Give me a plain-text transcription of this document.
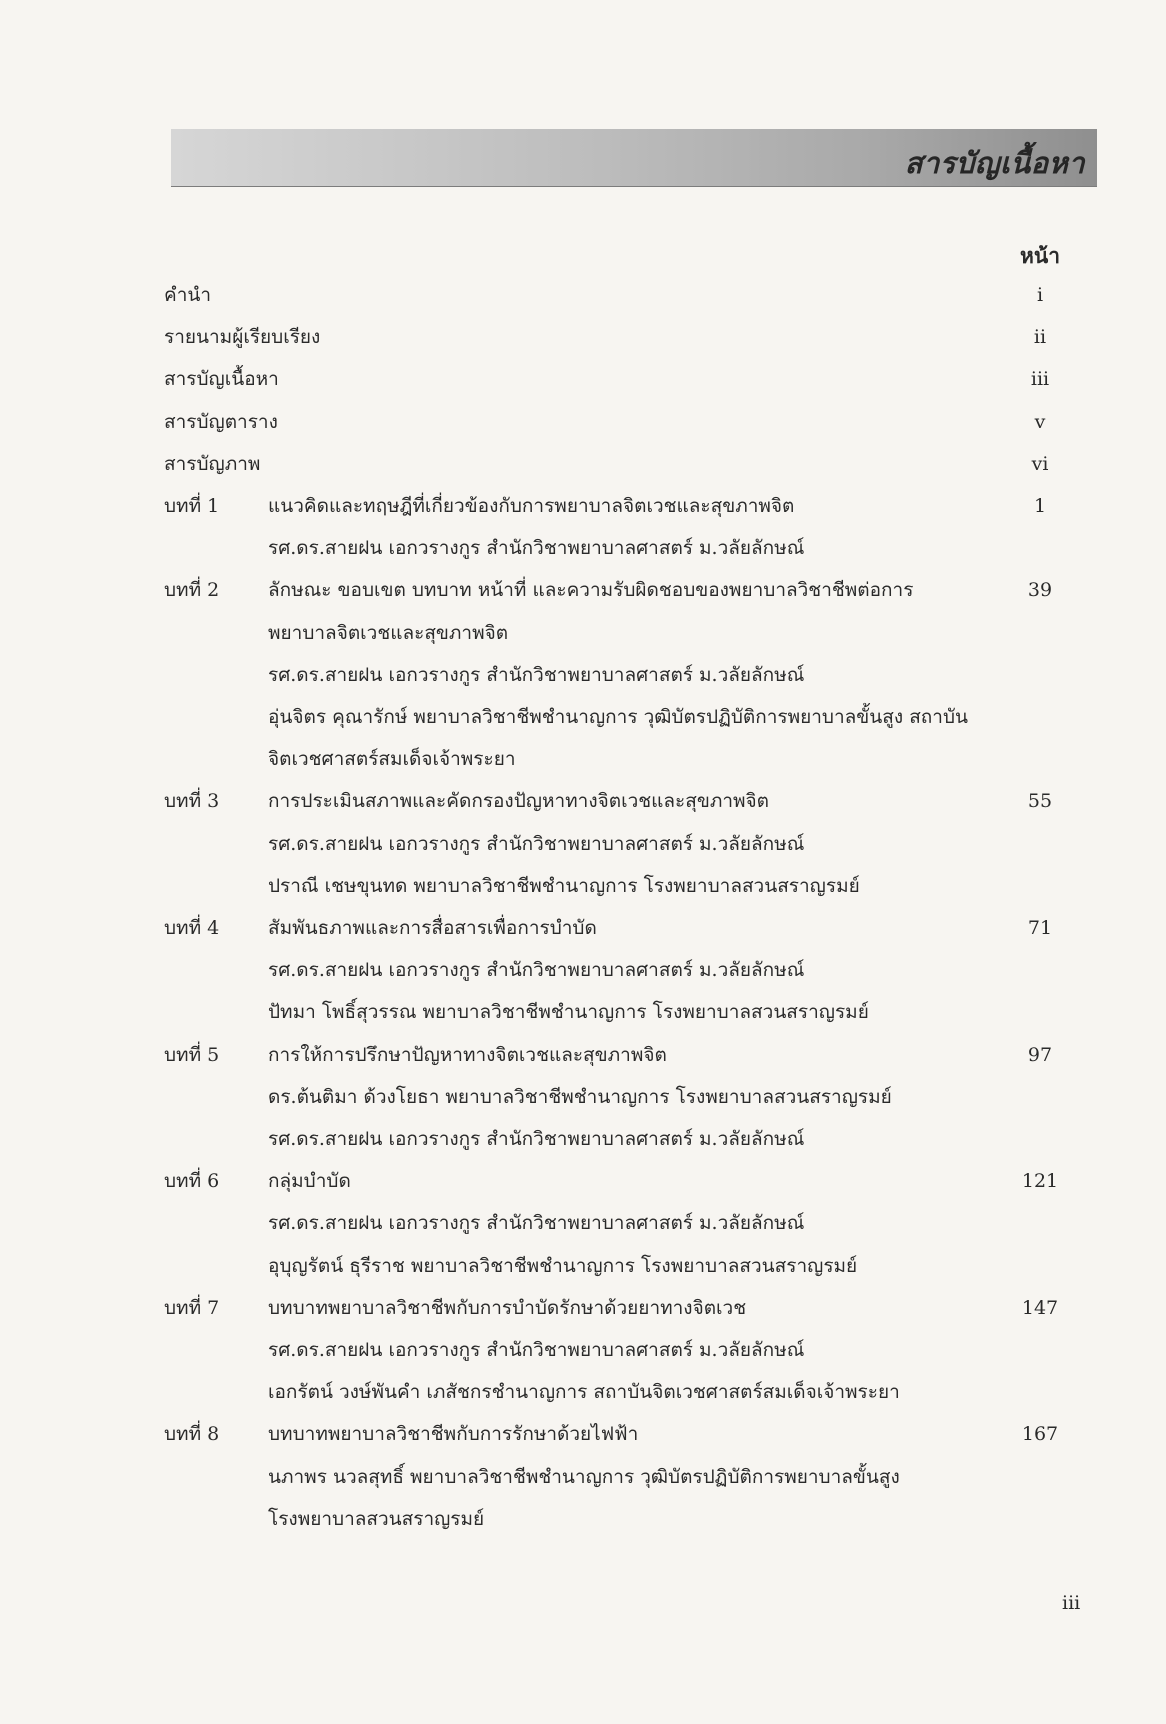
สารบัญเนื้อหา
หน้า
คำนำ	i
รายนามผู้เรียบเรียง	ii
สารบัญเนื้อหา	iii
สารบัญตาราง	v
สารบัญภาพ	vi
บทที่ 1	แนวคิดและทฤษฎีที่เกี่ยวข้องกับการพยาบาลจิตเวชและสุขภาพจิต	1
รศ.ดร.สายฝน เอกวรางกูร สำนักวิชาพยาบาลศาสตร์ ม.วลัยลักษณ์
บทที่ 2	ลักษณะ ขอบเขต บทบาท หน้าที่ และความรับผิดชอบของพยาบาลวิชาชีพต่อการ	39
พยาบาลจิตเวชและสุขภาพจิต
รศ.ดร.สายฝน เอกวรางกูร สำนักวิชาพยาบาลศาสตร์ ม.วลัยลักษณ์
อุ่นจิตร คุณารักษ์ พยาบาลวิชาชีพชำนาญการ วุฒิบัตรปฏิบัติการพยาบาลขั้นสูง สถาบัน
จิตเวชศาสตร์สมเด็จเจ้าพระยา
บทที่ 3	การประเมินสภาพและคัดกรองปัญหาทางจิตเวชและสุขภาพจิต	55
รศ.ดร.สายฝน เอกวรางกูร สำนักวิชาพยาบาลศาสตร์ ม.วลัยลักษณ์
ปราณี เชษขุนทด พยาบาลวิชาชีพชำนาญการ โรงพยาบาลสวนสราญรมย์
บทที่ 4	สัมพันธภาพและการสื่อสารเพื่อการบำบัด	71
รศ.ดร.สายฝน เอกวรางกูร สำนักวิชาพยาบาลศาสตร์ ม.วลัยลักษณ์
ปัทมา โพธิ์สุวรรณ พยาบาลวิชาชีพชำนาญการ โรงพยาบาลสวนสราญรมย์
บทที่ 5	การให้การปรึกษาปัญหาทางจิตเวชและสุขภาพจิต	97
ดร.ต้นติมา ด้วงโยธา พยาบาลวิชาชีพชำนาญการ โรงพยาบาลสวนสราญรมย์
รศ.ดร.สายฝน เอกวรางกูร สำนักวิชาพยาบาลศาสตร์ ม.วลัยลักษณ์
บทที่ 6	กลุ่มบำบัด	121
รศ.ดร.สายฝน เอกวรางกูร สำนักวิชาพยาบาลศาสตร์ ม.วลัยลักษณ์
อุบุญรัตน์ ธุรีราช พยาบาลวิชาชีพชำนาญการ โรงพยาบาลสวนสราญรมย์
บทที่ 7	บทบาทพยาบาลวิชาชีพกับการบำบัดรักษาด้วยยาทางจิตเวช	147
รศ.ดร.สายฝน เอกวรางกูร สำนักวิชาพยาบาลศาสตร์ ม.วลัยลักษณ์
เอกรัตน์ วงษ์พันคำ เภสัชกรชำนาญการ สถาบันจิตเวชศาสตร์สมเด็จเจ้าพระยา
บทที่ 8	บทบาทพยาบาลวิชาชีพกับการรักษาด้วยไฟฟ้า	167
นภาพร นวลสุทธิ์ พยาบาลวิชาชีพชำนาญการ วุฒิบัตรปฏิบัติการพยาบาลขั้นสูง
โรงพยาบาลสวนสราญรมย์
iii
